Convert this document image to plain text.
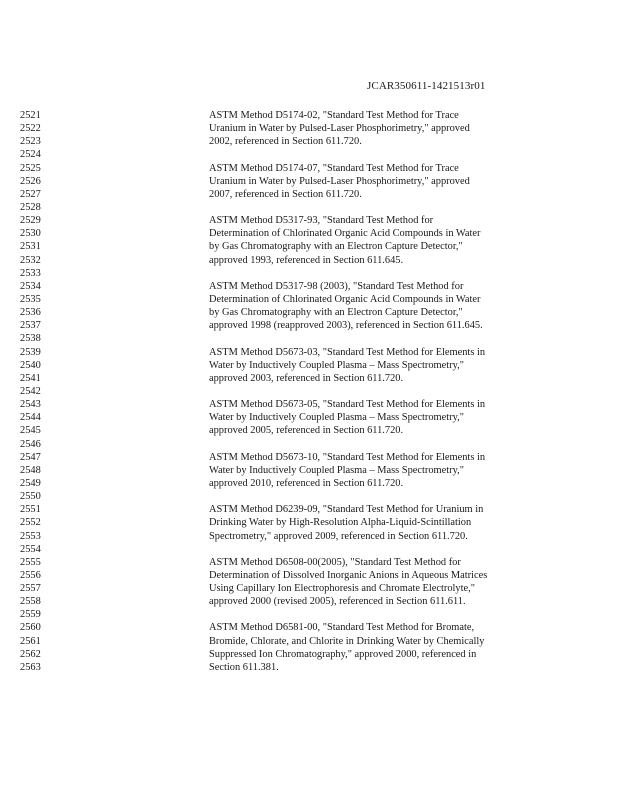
JCAR350611-1421513r01
2521	ASTM Method D5174-02, "Standard Test Method for Trace
2522	Uranium in Water by Pulsed-Laser Phosphorimetry," approved
2523	2002, referenced in Section 611.720.
2524
2525	ASTM Method D5174-07, "Standard Test Method for Trace
2526	Uranium in Water by Pulsed-Laser Phosphorimetry," approved
2527	2007, referenced in Section 611.720.
2528
2529	ASTM Method D5317-93, "Standard Test Method for
2530	Determination of Chlorinated Organic Acid Compounds in Water
2531	by Gas Chromatography with an Electron Capture Detector,"
2532	approved 1993, referenced in Section 611.645.
2533
2534	ASTM Method D5317-98 (2003), "Standard Test Method for
2535	Determination of Chlorinated Organic Acid Compounds in Water
2536	by Gas Chromatography with an Electron Capture Detector,"
2537	approved 1998 (reapproved 2003), referenced in Section 611.645.
2538
2539	ASTM Method D5673-03, "Standard Test Method for Elements in
2540	Water by Inductively Coupled Plasma – Mass Spectrometry,"
2541	approved 2003, referenced in Section 611.720.
2542
2543	ASTM Method D5673-05, "Standard Test Method for Elements in
2544	Water by Inductively Coupled Plasma – Mass Spectrometry,"
2545	approved 2005, referenced in Section 611.720.
2546
2547	ASTM Method D5673-10, "Standard Test Method for Elements in
2548	Water by Inductively Coupled Plasma – Mass Spectrometry,"
2549	approved 2010, referenced in Section 611.720.
2550
2551	ASTM Method D6239-09, "Standard Test Method for Uranium in
2552	Drinking Water by High-Resolution Alpha-Liquid-Scintillation
2553	Spectrometry," approved 2009, referenced in Section 611.720.
2554
2555	ASTM Method D6508-00(2005), "Standard Test Method for
2556	Determination of Dissolved Inorganic Anions in Aqueous Matrices
2557	Using Capillary Ion Electrophoresis and Chromate Electrolyte,"
2558	approved 2000 (revised 2005), referenced in Section 611.611.
2559
2560	ASTM Method D6581-00, "Standard Test Method for Bromate,
2561	Bromide, Chlorate, and Chlorite in Drinking Water by Chemically
2562	Suppressed Ion Chromatography," approved 2000, referenced in
2563	Section 611.381.
